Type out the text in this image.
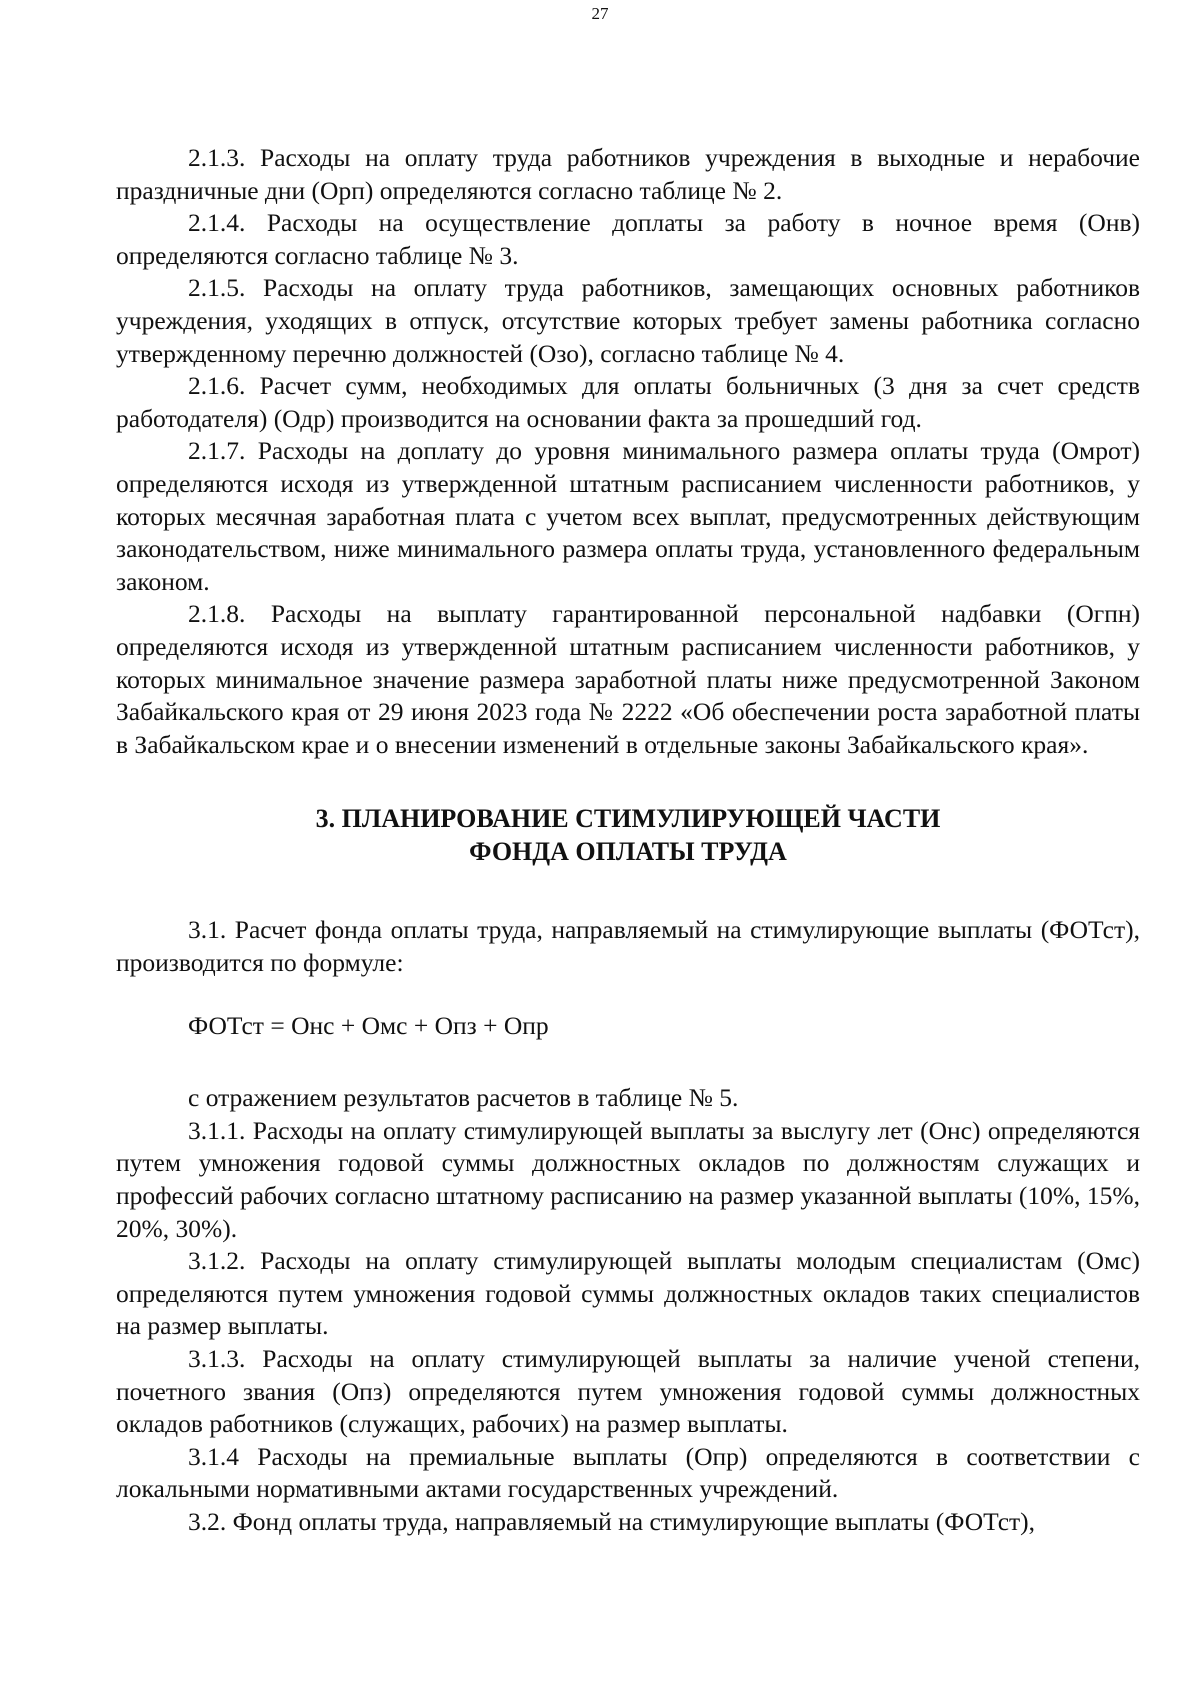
27

2.1.3. Расходы на оплату труда работников учреждения в выходные и нерабочие праздничные дни (Орп) определяются согласно таблице № 2.

2.1.4. Расходы на осуществление доплаты за работу в ночное время (Онв) определяются согласно таблице № 3.

2.1.5. Расходы на оплату труда работников, замещающих основных работников учреждения, уходящих в отпуск, отсутствие которых требует замены работника согласно утвержденному перечню должностей (Озо), согласно таблице № 4.

2.1.6. Расчет сумм, необходимых для оплаты больничных (3 дня за счет средств работодателя) (Одр) производится на основании факта за прошедший год.

2.1.7. Расходы на доплату до уровня минимального размера оплаты труда (Омрот) определяются исходя из утвержденной штатным расписанием численности работников, у которых месячная заработная плата с учетом всех выплат, предусмотренных действующим законодательством, ниже минимального размера оплаты труда, установленного федеральным законом.

2.1.8. Расходы на выплату гарантированной персональной надбавки (Огпн) определяются исходя из утвержденной штатным расписанием численности работников, у которых минимальное значение размера заработной платы ниже предусмотренной Законом Забайкальского края от 29 июня 2023 года № 2222 «Об обеспечении роста заработной платы в Забайкальском крае и о внесении изменений в отдельные законы Забайкальского края».

3. ПЛАНИРОВАНИЕ СТИМУЛИРУЮЩЕЙ ЧАСТИ
ФОНДА ОПЛАТЫ ТРУДА

3.1. Расчет фонда оплаты труда, направляемый на стимулирующие выплаты (ФОТст), производится по формуле:

ФОТст = Онс + Омс + Опз + Опр

с отражением результатов расчетов в таблице № 5.

3.1.1. Расходы на оплату стимулирующей выплаты за выслугу лет (Онс) определяются путем умножения годовой суммы должностных окладов по должностям служащих и профессий рабочих согласно штатному расписанию на размер указанной выплаты (10%, 15%, 20%, 30%).

3.1.2. Расходы на оплату стимулирующей выплаты молодым специалистам (Омс) определяются путем умножения годовой суммы должностных окладов таких специалистов на размер выплаты.

3.1.3. Расходы на оплату стимулирующей выплаты за наличие ученой степени, почетного звания (Опз) определяются путем умножения годовой суммы должностных окладов работников (служащих, рабочих) на размер выплаты.

3.1.4 Расходы на премиальные выплаты (Опр) определяются в соответствии с локальными нормативными актами государственных учреждений.

3.2. Фонд оплаты труда, направляемый на стимулирующие выплаты (ФОТст),
